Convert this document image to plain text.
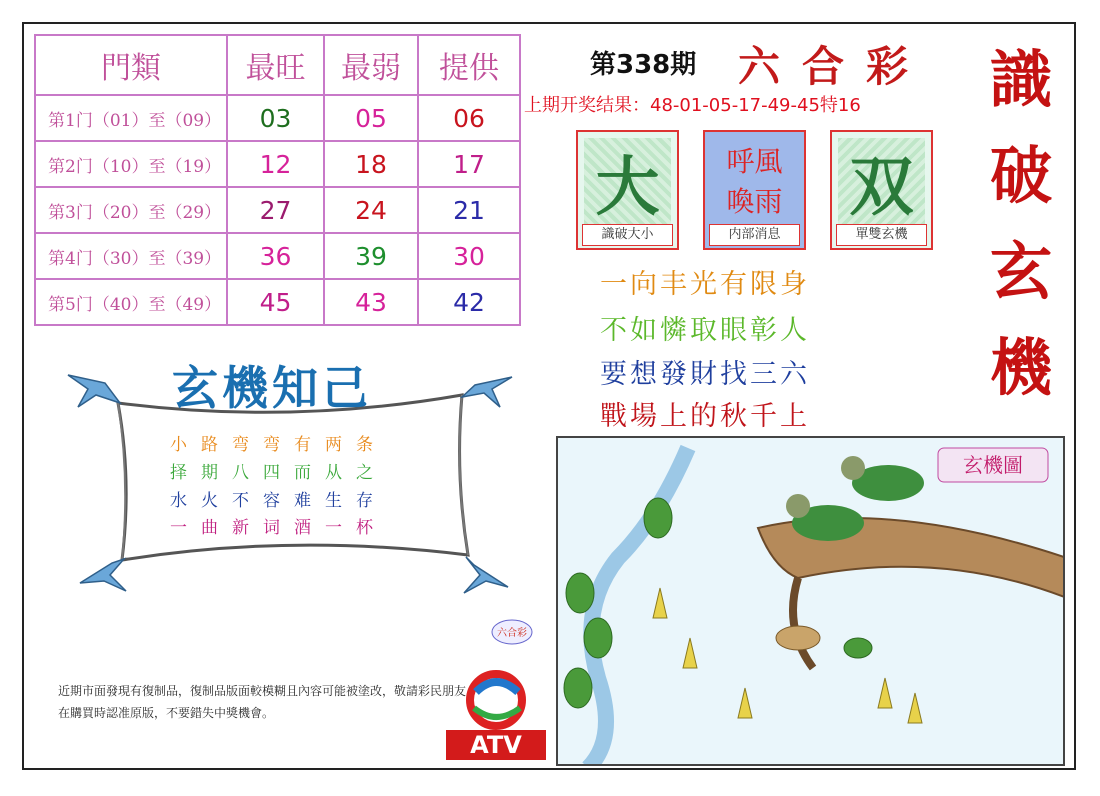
門類	最旺	最弱	提供
第1门（01）至（09）	03	05	06
第2门（10）至（19）	12	18	17
第3门（20）至（29）	27	24	21
第4门（30）至（39）	36	39	30
第5门（40）至（49）	45	43	42
第338期 六合彩
上期开奖结果：48-01-05-17-49-45特16 識
破
玄
機
大
識破大小
呼風
喚雨
内部消息
双
單雙玄機
一向丰光有限身
不如憐取眼彰人
要想發財找三六
戰場上的秋千上
玄機知己
小路弯弯有两条
择期八四而从之
水火不容难生存
一曲新词酒一杯
近期市面發現有復制品，復制品版面較模糊且內容可能被塗改，敬請彩民朋友在購買時認准原版，不要錯失中獎機會。
六合彩
ATV
玄機圖
